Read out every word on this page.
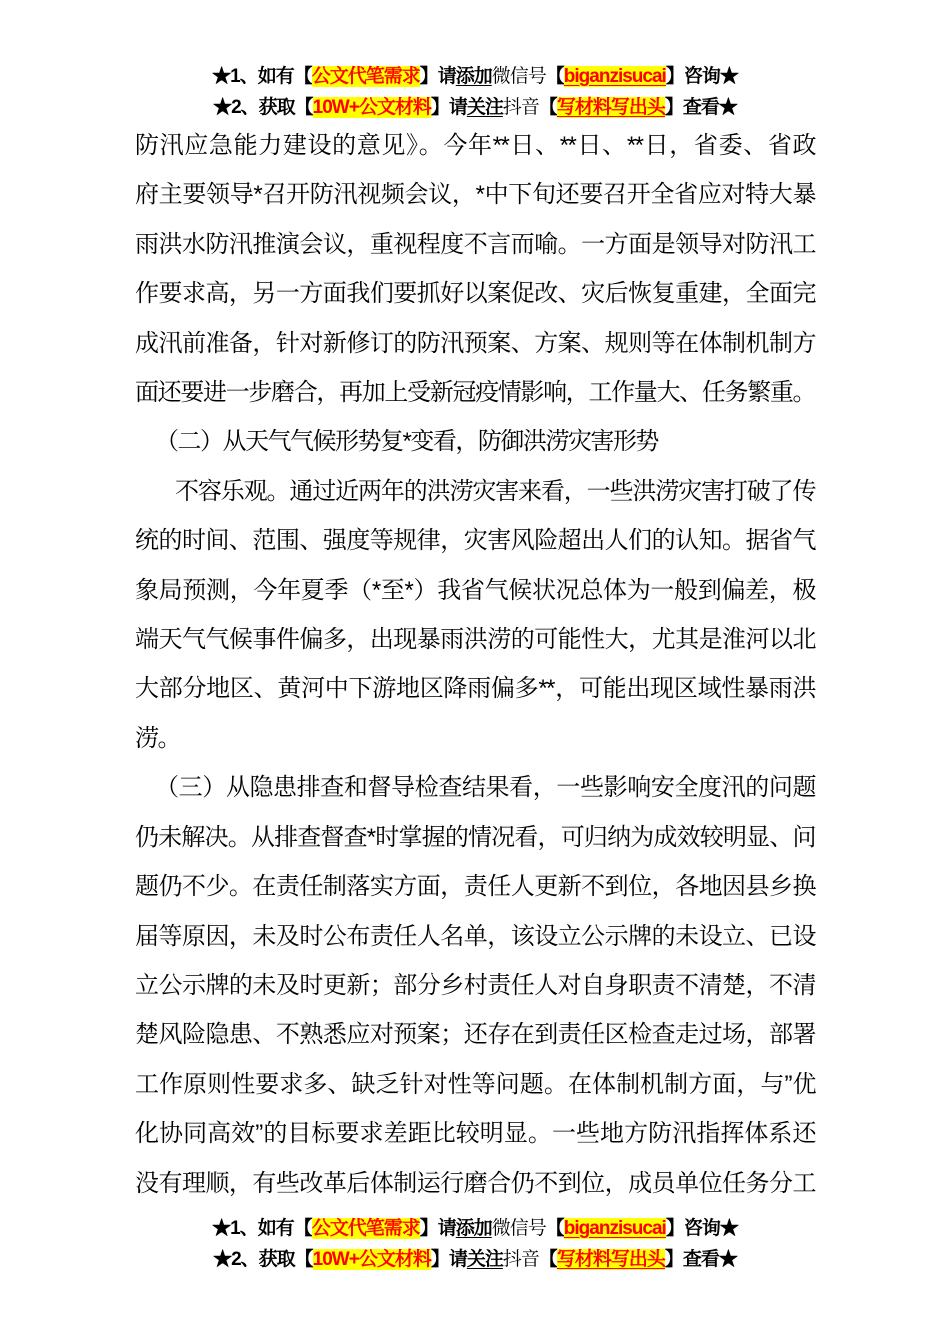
★1、如有【公文代笔需求】请添加微信号【biganzisucai】咨询★
★2、获取【10W+公文材料】请关注抖音【写材料写出头】查看★
防汛应急能力建设的意见》。今年**日、**日、**日，省委、省政
府主要领导*召开防汛视频会议，*中下旬还要召开全省应对特大暴
雨洪水防汛推演会议，重视程度不言而喻。一方面是领导对防汛工
作要求高，另一方面我们要抓好以案促改、灾后恢复重建，全面完
成汛前准备，针对新修订的防汛预案、方案、规则等在体制机制方
面还要进一步磨合，再加上受新冠疫情影响，工作量大、任务繁重。
（二）从天气气候形势复*变看，防御洪涝灾害形势
不容乐观。通过近两年的洪涝灾害来看，一些洪涝灾害打破了传
统的时间、范围、强度等规律，灾害风险超出人们的认知。据省气
象局预测，今年夏季（*至*）我省气候状况总体为一般到偏差，极
端天气气候事件偏多，出现暴雨洪涝的可能性大，尤其是淮河以北
大部分地区、黄河中下游地区降雨偏多**，可能出现区域性暴雨洪
涝。
（三）从隐患排查和督导检查结果看，一些影响安全度汛的问题
仍未解决。从排查督查*时掌握的情况看，可归纳为成效较明显、问
题仍不少。在责任制落实方面，责任人更新不到位，各地因县乡换
届等原因，未及时公布责任人名单，该设立公示牌的未设立、已设
立公示牌的未及时更新；部分乡村责任人对自身职责不清楚，不清
楚风险隐患、不熟悉应对预案；还存在到责任区检查走过场，部署
工作原则性要求多、缺乏针对性等问题。在体制机制方面，与”优
化协同高效”的目标要求差距比较明显。一些地方防汛指挥体系还
没有理顺，有些改革后体制运行磨合仍不到位，成员单位任务分工
★1、如有【公文代笔需求】请添加微信号【biganzisucai】咨询★
★2、获取【10W+公文材料】请关注抖音【写材料写出头】查看★
